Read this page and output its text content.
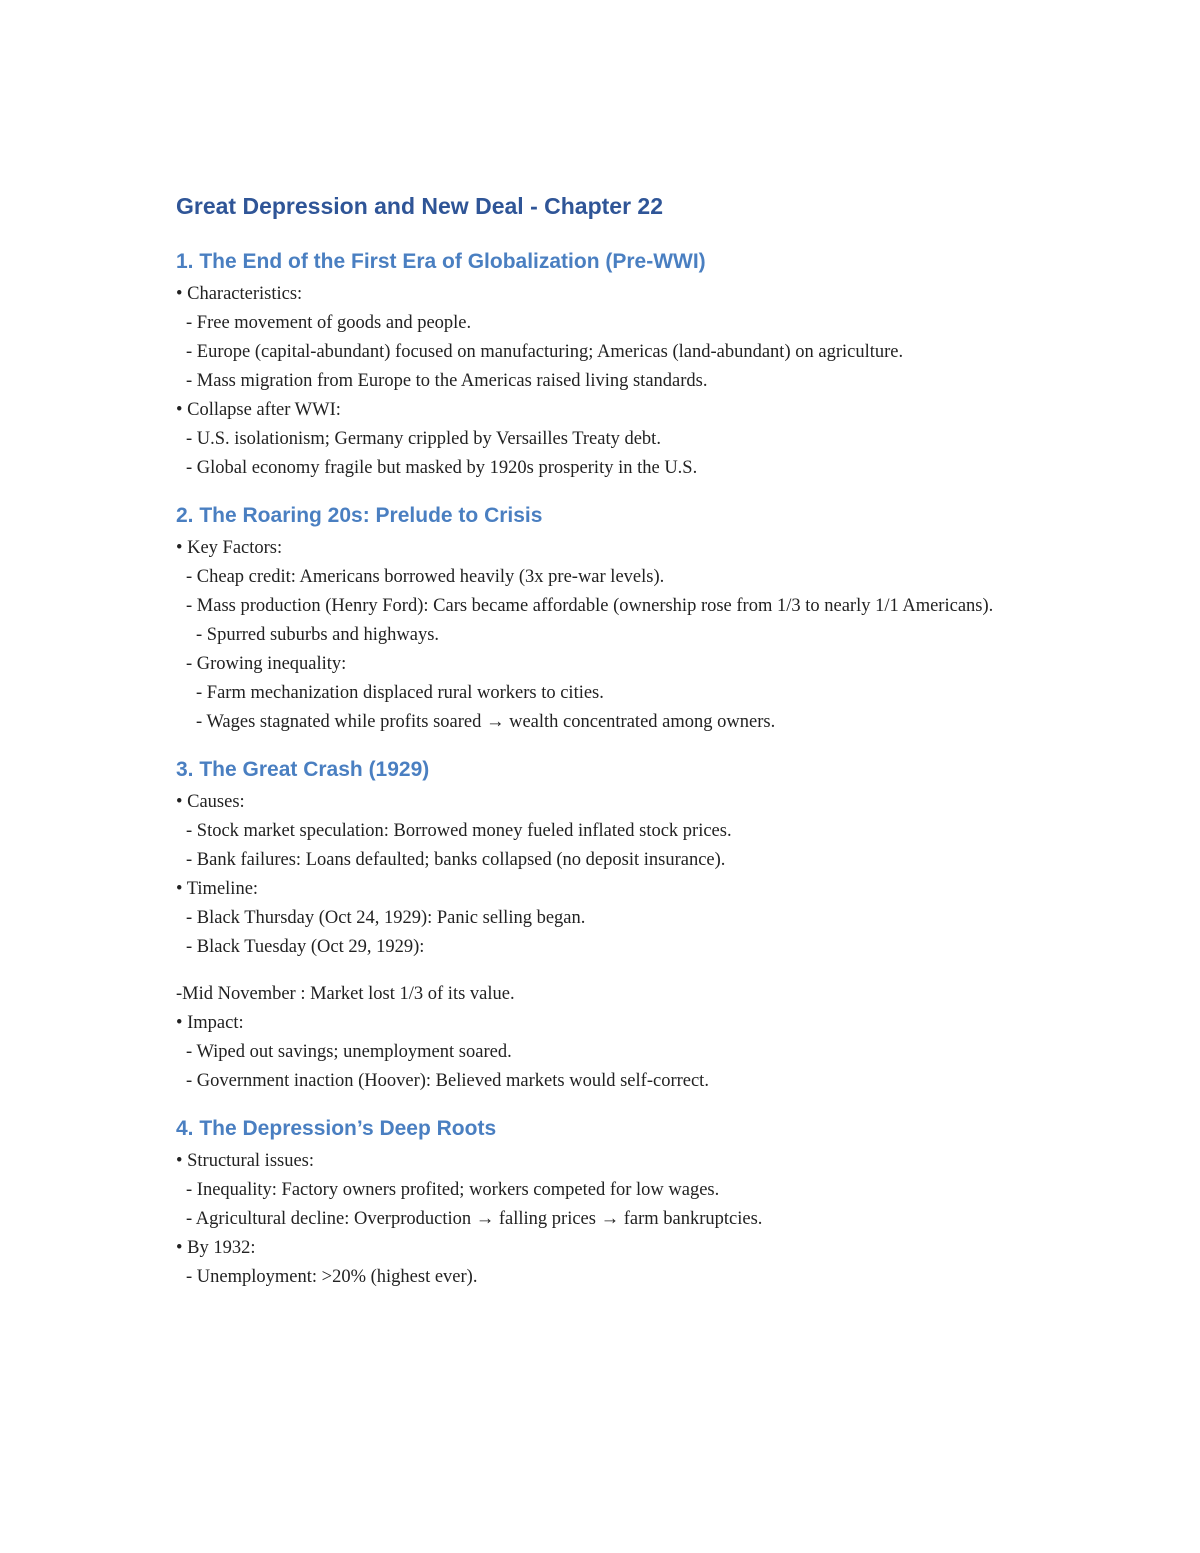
Great Depression and New Deal - Chapter 22
1. The End of the First Era of Globalization (Pre-WWI)
• Characteristics:
- Free movement of goods and people.
- Europe (capital-abundant) focused on manufacturing; Americas (land-abundant) on agriculture.
- Mass migration from Europe to the Americas raised living standards.
• Collapse after WWI:
- U.S. isolationism; Germany crippled by Versailles Treaty debt.
- Global economy fragile but masked by 1920s prosperity in the U.S.
2. The Roaring 20s: Prelude to Crisis
• Key Factors:
- Cheap credit: Americans borrowed heavily (3x pre-war levels).
- Mass production (Henry Ford): Cars became affordable (ownership rose from 1/3 to nearly 1/1 Americans).
- Spurred suburbs and highways.
- Growing inequality:
- Farm mechanization displaced rural workers to cities.
- Wages stagnated while profits soared → wealth concentrated among owners.
3. The Great Crash (1929)
• Causes:
- Stock market speculation: Borrowed money fueled inflated stock prices.
- Bank failures: Loans defaulted; banks collapsed (no deposit insurance).
• Timeline:
- Black Thursday (Oct 24, 1929): Panic selling began.
- Black Tuesday (Oct 29, 1929):
-Mid November : Market lost 1/3 of its value.
• Impact:
- Wiped out savings; unemployment soared.
- Government inaction (Hoover): Believed markets would self-correct.
4. The Depression’s Deep Roots
• Structural issues:
- Inequality: Factory owners profited; workers competed for low wages.
- Agricultural decline: Overproduction → falling prices → farm bankruptcies.
• By 1932:
- Unemployment: >20% (highest ever).
